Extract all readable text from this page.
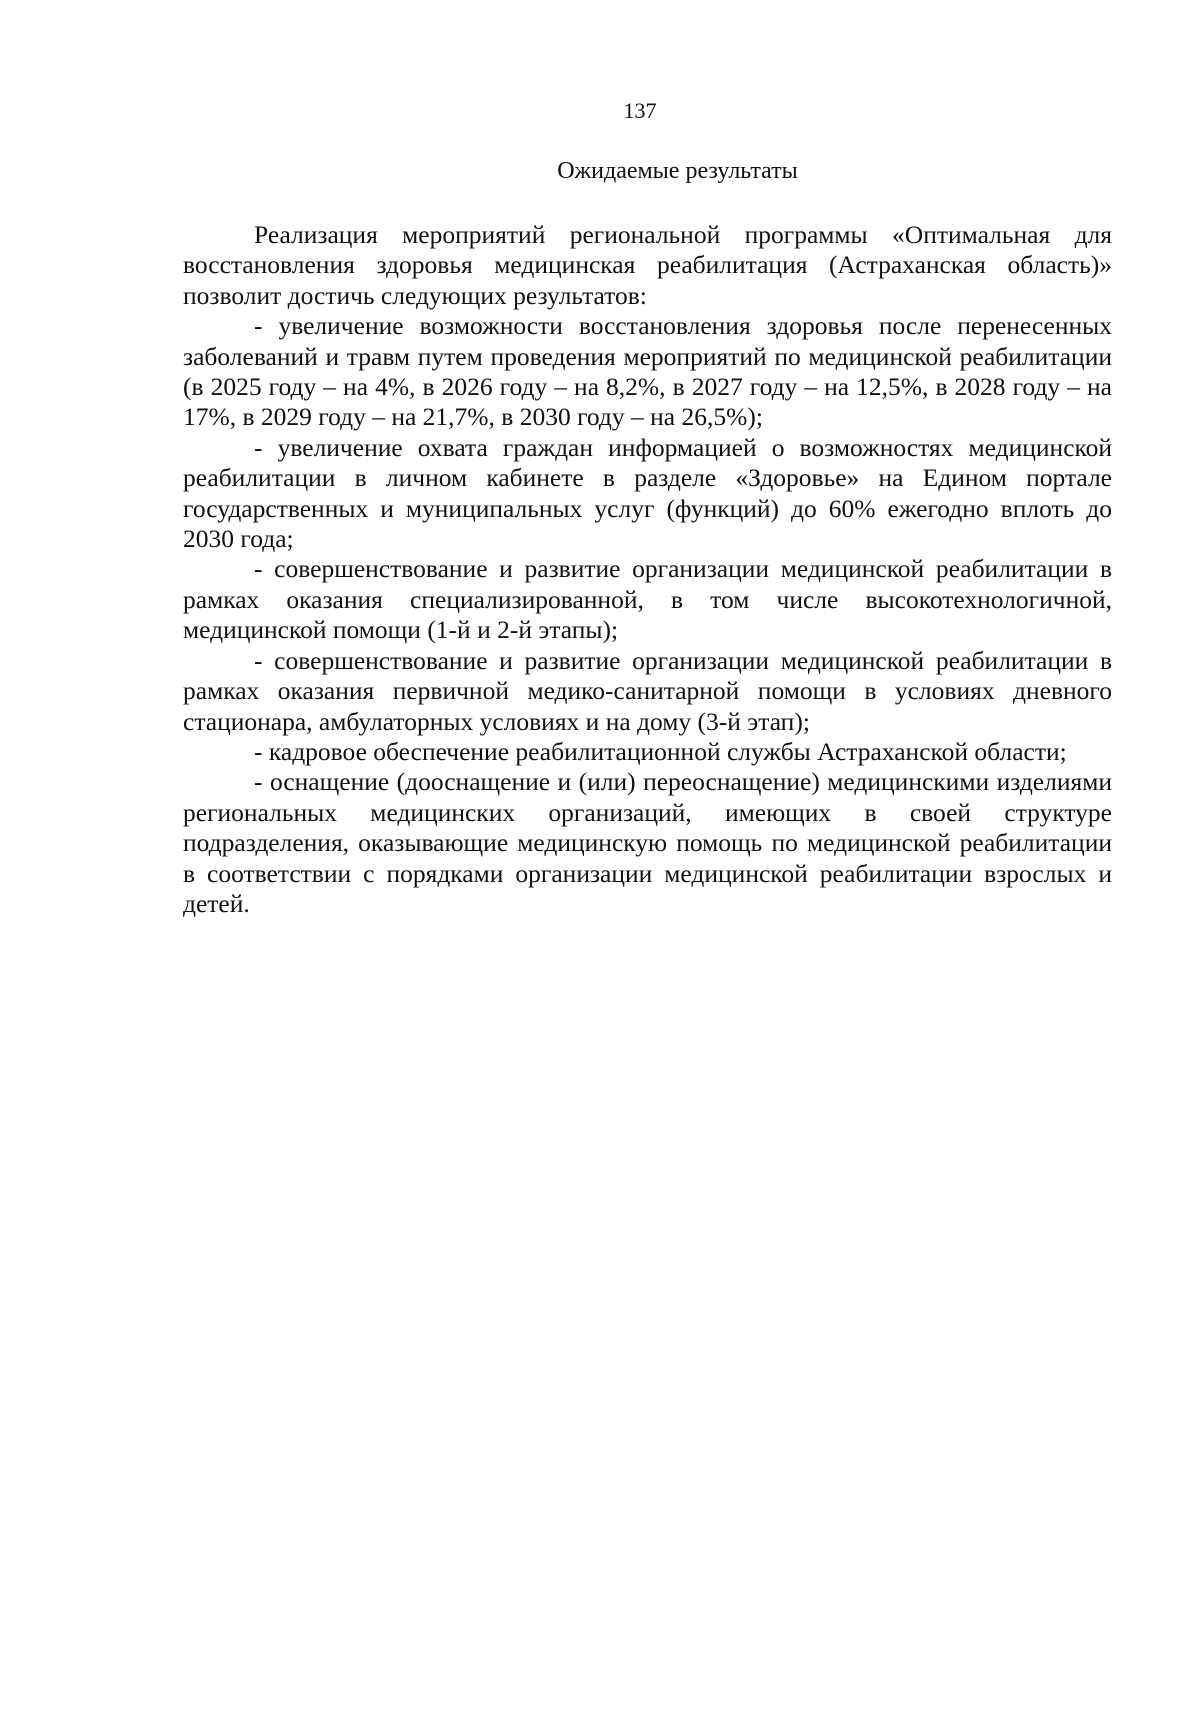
137
Ожидаемые результаты

Реализация мероприятий региональной программы «Оптимальная для восстановления здоровья медицинская реабилитация (Астраханская область)» позволит достичь следующих результатов:

- увеличение возможности восстановления здоровья после перенесенных заболеваний и травм путем проведения мероприятий по медицинской реабилитации (в 2025 году – на 4%, в 2026 году – на 8,2%, в 2027 году – на 12,5%, в 2028 году – на 17%, в 2029 году – на 21,7%, в 2030 году – на 26,5%);

- увеличение охвата граждан информацией о возможностях медицинской реабилитации в личном кабинете в разделе «Здоровье» на Едином портале государственных и муниципальных услуг (функций) до 60% ежегодно вплоть до 2030 года;

- совершенствование и развитие организации медицинской реабилитации в рамках оказания специализированной, в том числе высокотехнологичной, медицинской помощи (1-й и 2-й этапы);

- совершенствование и развитие организации медицинской реабилитации в рамках оказания первичной медико-санитарной помощи в условиях дневного стационара, амбулаторных условиях и на дому (3-й этап);

- кадровое обеспечение реабилитационной службы Астраханской области;

- оснащение (дооснащение и (или) переоснащение) медицинскими изделиями региональных медицинских организаций, имеющих в своей структуре подразделения, оказывающие медицинскую помощь по медицинской реабилитации в соответствии с порядками организации медицинской реабилитации взрослых и детей.
